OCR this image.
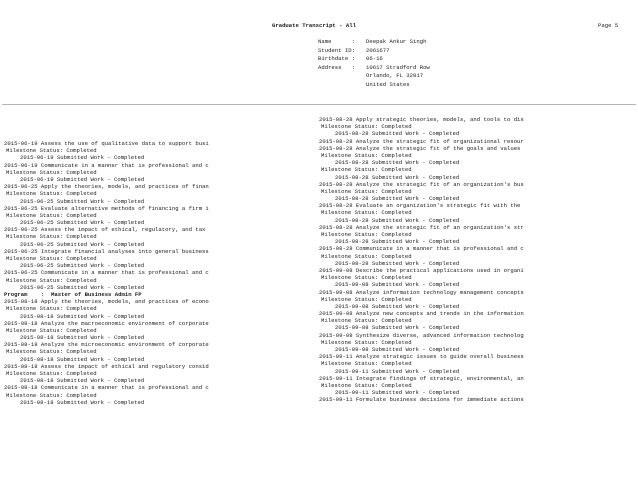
Graduate Transcript - All	Page 5
Name	:	Deepak Ankur Singh
Student ID :	2061677
Birthdate :	06-16
Address	:	10617 Stradford Row
Orlando, FL 32817
United States
2015-06-19 Assess the use of qualitative data to support busi
Milestone Status: Completed
2015-06-19 Submitted Work - Completed
2015-06-19 Communicate in a manner that is professional and c
Milestone Status: Completed
2015-06-19 Submitted Work - Completed
2015-06-25 Apply the theories, models, and practices of finan
Milestone Status: Completed
2015-06-25 Submitted Work - Completed
2015-06-25 Evaluate alternative methods of financing a firm i
Milestone Status: Completed
2015-06-25 Submitted Work - Completed
2015-06-25 Assess the impact of ethical, regulatory, and tax
Milestone Status: Completed
2015-06-25 Submitted Work - Completed
2015-06-25 Integrate financial analyses into general business
Milestone Status: Completed
2015-06-25 Submitted Work - Completed
2015-06-25 Communicate in a manner that is professional and c
Milestone Status: Completed
2015-06-25 Submitted Work - Completed
Program    :  Master of Business Admin FP
2015-08-18 Apply the theories, models, and practices of econo
Milestone Status: Completed
2015-08-18 Submitted Work - Completed
2015-08-18 Analyze the macroeconomic environment of corporate
Milestone Status: Completed
2015-08-18 Submitted Work - Completed
2015-08-18 Analyze the microeconomic environment of corporate
Milestone Status: Completed
2015-08-18 Submitted Work - Completed
2015-08-18 Assess the impact of ethical and regulatory consid
Milestone Status: Completed
2015-08-18 Submitted Work - Completed
2015-08-18 Communicate in a manner that is professional and c
Milestone Status: Completed
2015-08-18 Submitted Work - Completed
2015-08-28 Apply strategic theories, models, and tools to dis
Milestone Status: Completed
2015-08-28 Submitted Work - Completed
2015-08-28 Analyze the strategic fit of organizational resour
2015-08-28 Analyze the strategic fit of the goals and values
Milestone Status: Completed
2015-08-28 Submitted Work - Completed
Milestone Status: Completed
2015-08-28 Submitted Work - Completed
2015-08-28 Analyze the strategic fit of an organization's bus
Milestone Status: Completed
2015-08-28 Submitted Work - Completed
2015-08-28 Evaluate an organization's strategic fit with the
Milestone Status: Completed
2015-08-28 Submitted Work - Completed
2015-08-28 Analyze the strategic fit of an organization's str
Milestone Status: Completed
2015-08-28 Submitted Work - Completed
2015-08-28 Communicate in a manner that is professional and c
Milestone Status: Completed
2015-08-28 Submitted Work - Completed
2015-09-08 Describe the practical applications used in organi
Milestone Status: Completed
2015-09-08 Submitted Work - Completed
2015-09-08 Analyze information technology management concepts
Milestone Status: Completed
2015-09-08 Submitted Work - Completed
2015-09-08 Analyze new concepts and trends in the information
Milestone Status: Completed
2015-09-08 Submitted Work - Completed
2015-09-08 Synthesize diverse, advanced information technolog
Milestone Status: Completed
2015-09-08 Submitted Work - Completed
2015-09-11 Analyze strategic issues to guide overall business
Milestone Status: Completed
2015-09-11 Submitted Work - Completed
2015-09-11 Integrate findings of strategic, environmental, an
Milestone Status: Completed
2015-09-11 Submitted Work - Completed
2015-09-11 Formulate business decisions for immediate actions
